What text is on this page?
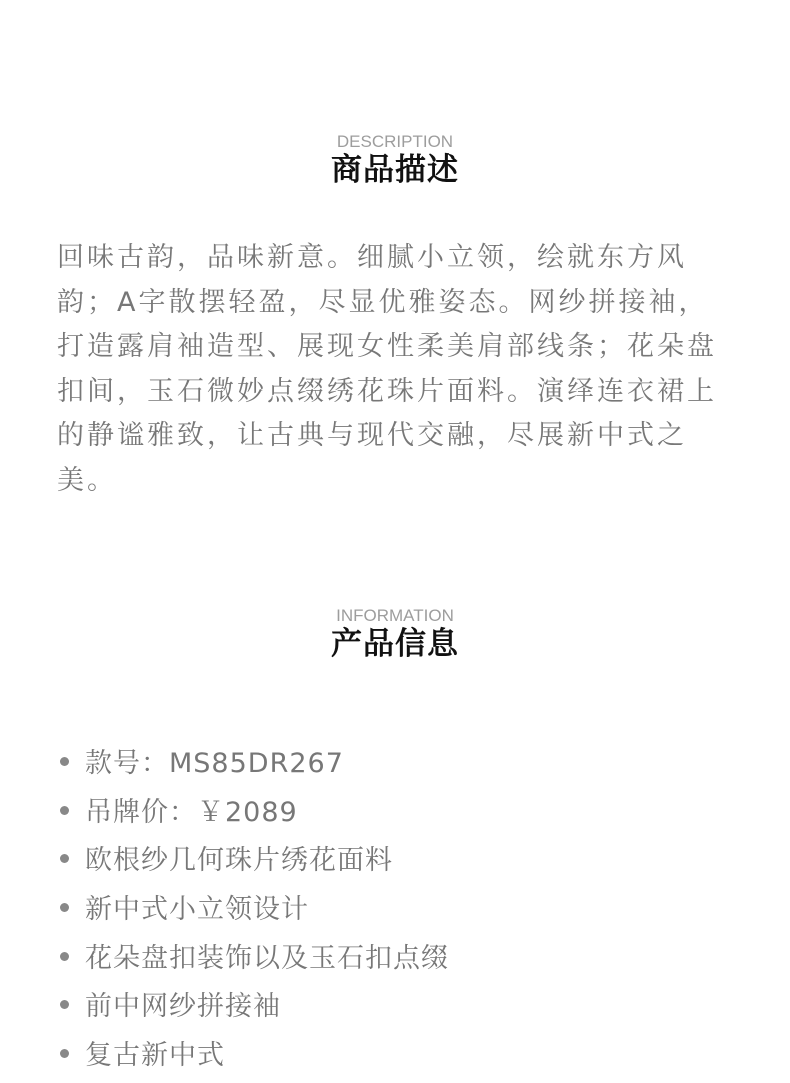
DESCRIPTION
商品描述

回味古韵，品味新意。细腻小立领，绘就东方风韵；A字散摆轻盈，尽显优雅姿态。网纱拼接袖，打造露肩袖造型、展现女性柔美肩部线条；花朵盘扣间，玉石微妙点缀绣花珠片面料。演绎连衣裙上的静谧雅致，让古典与现代交融，尽展新中式之美。

INFORMATION
产品信息
款号：MS85DR267
吊牌价：￥2089
欧根纱几何珠片绣花面料
新中式小立领设计
花朵盘扣装饰以及玉石扣点缀
前中网纱拼接袖
复古新中式
